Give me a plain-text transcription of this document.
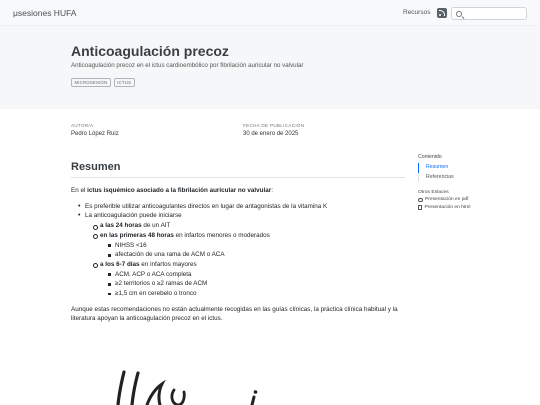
μsesiones HUFA	Recursos
Anticoagulación precoz
Anticoagulación precoz en el ictus cardioembólico por fibrilación auricular no valvular
MICROSESIÓN	ICTUS
AUTOR/A
Pedro López Ruiz
FECHA DE PUBLICACIÓN
30 de enero de 2025
Resumen

En el ictus isquémico asociado a la fibrilación auricular no valvular:

• Es preferible utilizar anticoagulantes directos en lugar de antagonistas de la vitamina K
• La anticoagulación puede iniciarse
a las 24 horas de un AIT
en las primeras 48 horas en infartos menores o moderados
NIHSS <16
afectación de una rama de ACM o ACA
a los 6-7 días en infartos mayores
ACM, ACP o ACA completa
≥2 territorios o ≥2 ramas de ACM
≥1,5 cm en cerebelo o tronco

Aunque estas recomendaciones no están actualmente recogidas en las guías clínicas, la práctica clínica habitual y la literatura apoyan la anticoagulación precoz en el ictus.

Contenido
Resumen
Referencias
Otros Enlaces
Presentación en pdf
Presentación en html
